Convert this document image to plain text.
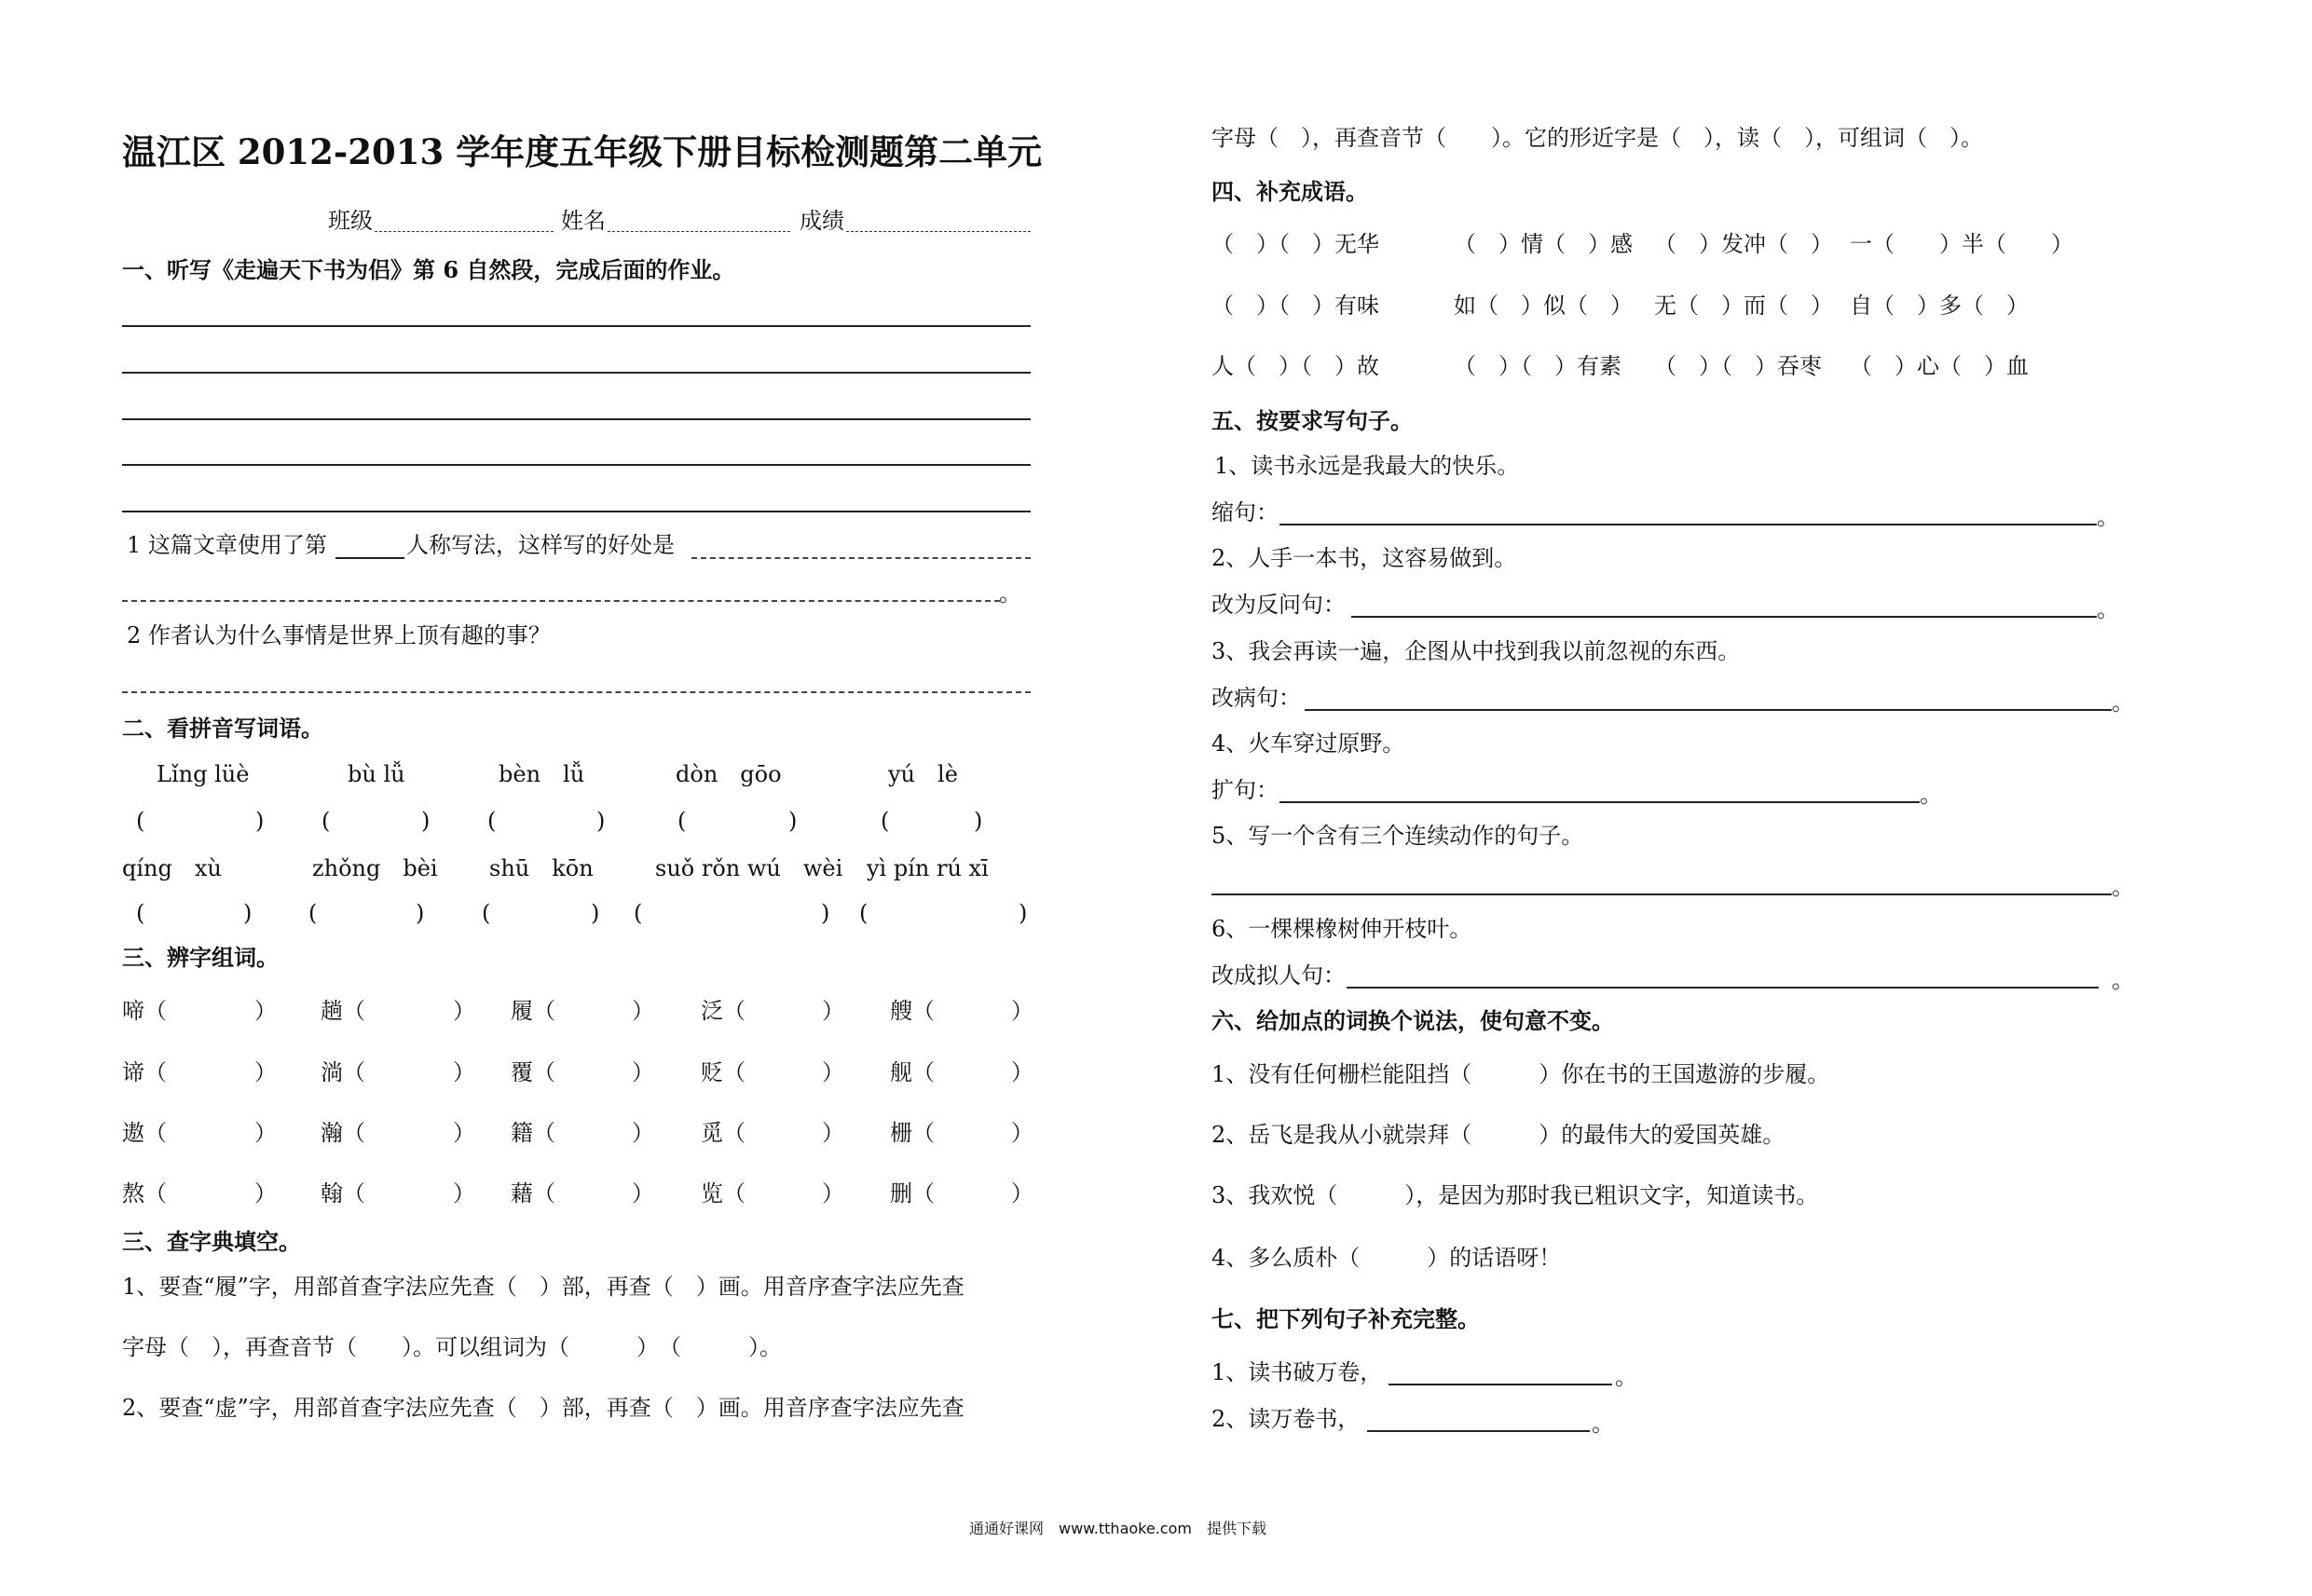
温江区 2012-2013 学年度五年级下册目标检测题第二单元
班级	姓名	成绩
一、听写《走遍天下书为侣》第 6 自然段，完成后面的作业。
1 这篇文章使用了第	人称写法，这样写的好处是
。
2 作者认为什么事情是世界上顶有趣的事？
二、看拼音写词语。
Lǐng lüè	bù lǚ	bèn　lǚ	dòn　gōo	yú　lè
(	)	(	)	(	)	(	)	(	)
qíng　xù	zhǒng　bèi shū　kōn	suǒ rǒn wú　wèi yì pín rú xī
(	)	(	)	(	) (	) (	)
三、辨字组词。
啼 （	） 趟 （	） 履 （	） 泛 （	） 艘 （	）
谛 （	） 淌 （	） 覆 （	） 贬 （	） 舰 （	）
遨 （	） 瀚 （	） 籍 （	） 觅 （	） 栅 （	）
熬 （	） 翰 （	） 藉 （	） 览 （	） 删 （	）
三、查字典填空。
1、要查“履”字，用部首查字法应先查（　）部，再查（　）画。用音序查字法应先查
字母（　），再查音节（　　）。可以组词为（　　　）　（　　　）。
2、要查“虚”字，用部首查字法应先查（　）部，再查（　）画。用音序查字法应先查
字母（　），再查音节（　　）。它的形近字是（　），读（　），可组词（　）。
四、补充成语。
（　）（　）无华	（　）情（　）感 （　）发冲（　） 一（　　）半（　　）
（　）（　）有味	如（　）似（　） 无（　）而（　） 自（　）多（　）
人（　）（　）故	（　）（　）有素 （　）（　）吞枣 （　）心（　）血
五、按要求写句子。
1、读书永远是我最大的快乐。
缩句：	。
2、人手一本书，这容易做到。
改为反问句：	。
3、我会再读一遍，企图从中找到我以前忽视的东西。
改病句：	。
4、火车穿过原野。
扩句：	。
5、写一个含有三个连续动作的句子。
。
6、一棵棵橡树伸开枝叶。
改成拟人句：	。
六、给加点的词换个说法，使句意不变。
1、没有任何栅栏能阻挡（　　　）你在书的王国遨游的步履。
2、岳飞是我从小就崇拜（　　　）的最伟大的爱国英雄。
3、我欢悦（　　　），是因为那时我已粗识文字，知道读书。
4、多么质朴（　　　）的话语呀！
七、把下列句子补充完整。
1、读书破万卷，	。
2、读万卷书，	。
通通好课网　www.tthaoke.com　提供下载
